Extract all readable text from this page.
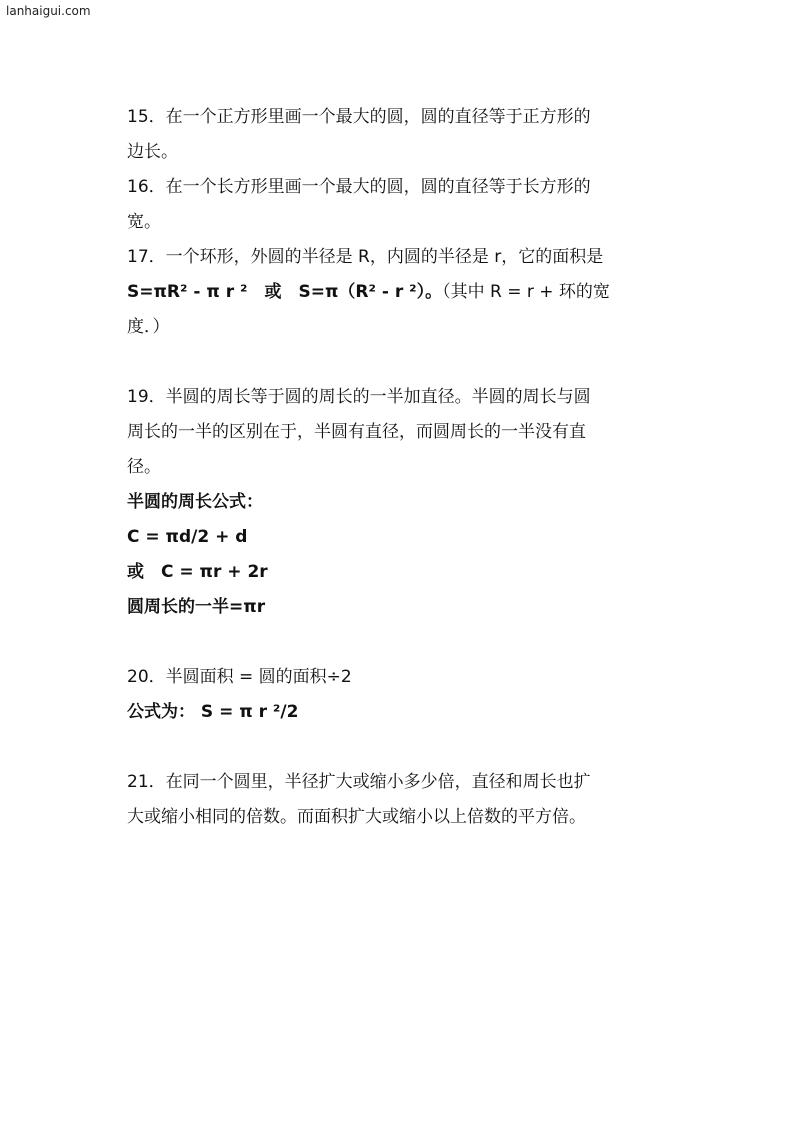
lanhaigui.com

15．在一个正方形里画一个最大的圆，圆的直径等于正方形的

边长。

16．在一个长方形里画一个最大的圆，圆的直径等于长方形的

宽。

17．一个环形，外圆的半径是 R，内圆的半径是 r，它的面积是

S=πR² - π r ²　或　S=π（R² - r ²）。（其中 R = r + 环的宽

度．）

19．半圆的周长等于圆的周长的一半加直径。半圆的周长与圆

周长的一半的区别在于，半圆有直径，而圆周长的一半没有直

径。

半圆的周长公式：

C = πd/2 + d

或　C = πr + 2r

圆周长的一半=πr

20．半圆面积 = 圆的面积÷2

公式为： S = π r ²/2

21．在同一个圆里，半径扩大或缩小多少倍，直径和周长也扩

大或缩小相同的倍数。而面积扩大或缩小以上倍数的平方倍。
